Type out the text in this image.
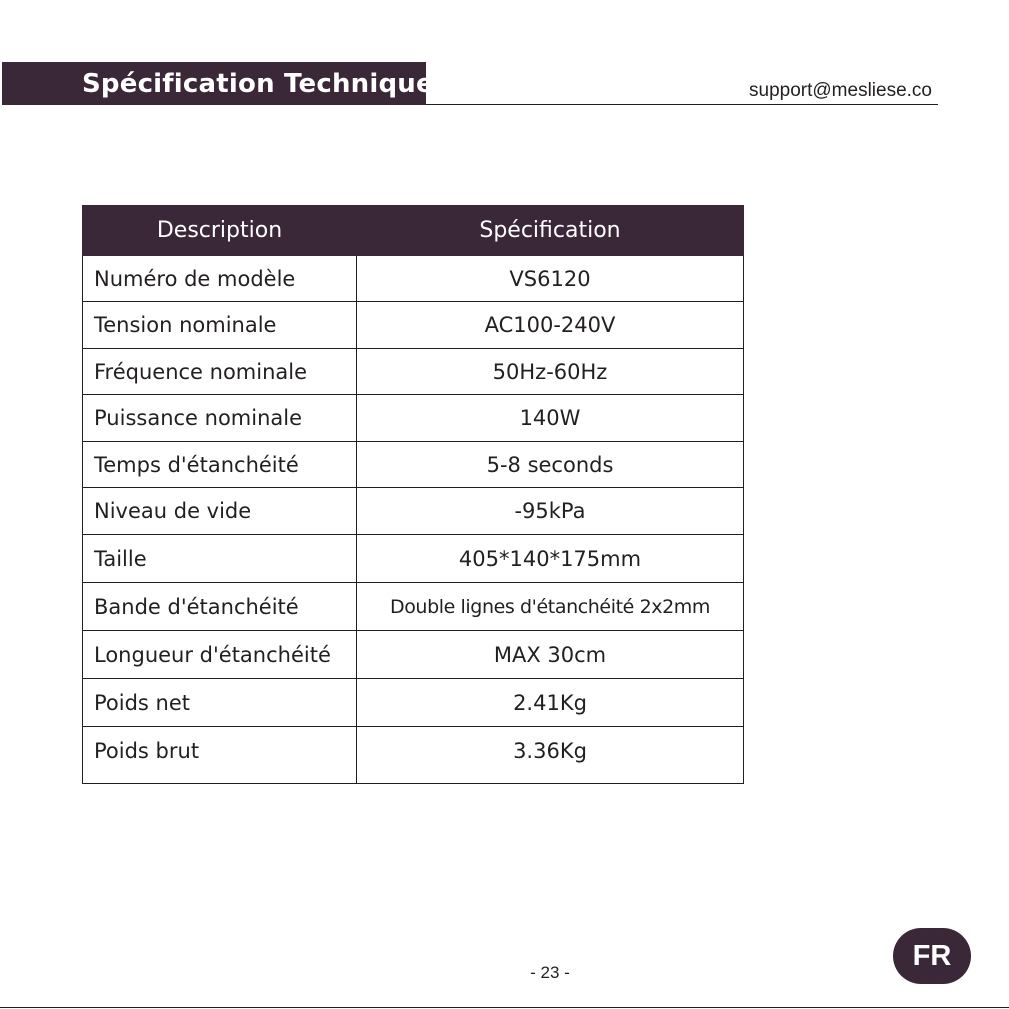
Spécification Technique	support@mesliese.co
Description	Spécification
Numéro de modèle	VS6120
Tension nominale	AC100-240V
Fréquence nominale	50Hz-60Hz
Puissance nominale	140W
Temps d'étanchéité	5-8 seconds
Niveau de vide	-95kPa
Taille	405*140*175mm
Bande d'étanchéité	Double lignes d'étanchéité 2x2mm
Longueur d'étanchéité	MAX 30cm
Poids net	2.41Kg
Poids brut	3.36Kg
- 23 -
FR
